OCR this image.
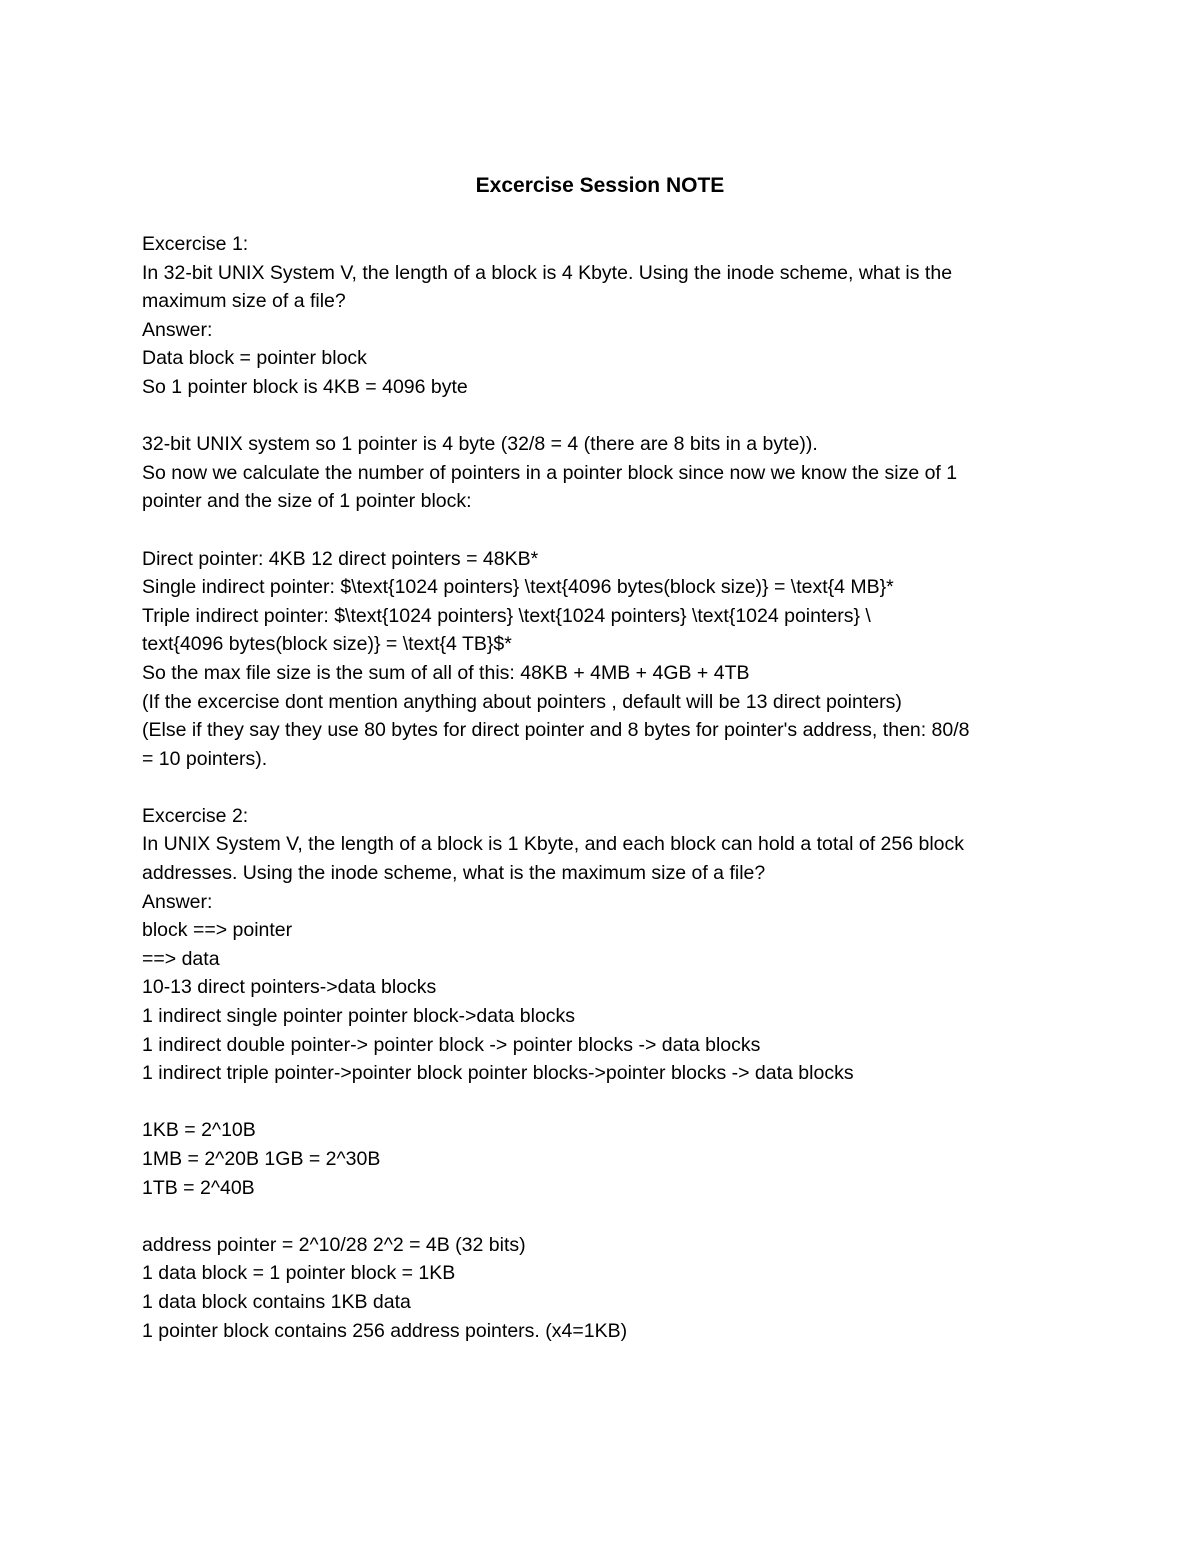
Excercise Session NOTE

Excercise 1:

In 32-bit UNIX System V, the length of a block is 4 Kbyte. Using the inode scheme, what is the

maximum size of a file?

Answer:

Data block = pointer block

So 1 pointer block is 4KB = 4096 byte

32-bit UNIX system so 1 pointer is 4 byte (32/8 = 4 (there are 8 bits in a byte)).

So now we calculate the number of pointers in a pointer block since now we know the size of 1

pointer and the size of 1 pointer block:

Direct pointer: 4KB 12 direct pointers = 48KB*

Single indirect pointer: $\text{1024 pointers} \text{4096 bytes(block size)} = \text{4 MB}*

Triple indirect pointer: $\text{1024 pointers} \text{1024 pointers} \text{1024 pointers} \

text{4096 bytes(block size)} = \text{4 TB}$*

So the max file size is the sum of all of this: 48KB + 4MB + 4GB + 4TB

(If the excercise dont mention anything about pointers , default will be 13 direct pointers)

(Else if they say they use 80 bytes for direct pointer and 8 bytes for pointer's address, then: 80/8

= 10 pointers).

Excercise 2:

In UNIX System V, the length of a block is 1 Kbyte, and each block can hold a total of 256 block

addresses. Using the inode scheme, what is the maximum size of a file?

Answer:

block ==> pointer

==> data

10-13 direct pointers->data blocks

1 indirect single pointer pointer block->data blocks

1 indirect double pointer-> pointer block -> pointer blocks -> data blocks

1 indirect triple pointer->pointer block pointer blocks->pointer blocks -> data blocks

1KB = 2^10B

1MB = 2^20B 1GB = 2^30B

1TB = 2^40B

address pointer = 2^10/28 2^2 = 4B (32 bits)

1 data block = 1 pointer block = 1KB

1 data block contains 1KB data

1 pointer block contains 256 address pointers. (x4=1KB)
